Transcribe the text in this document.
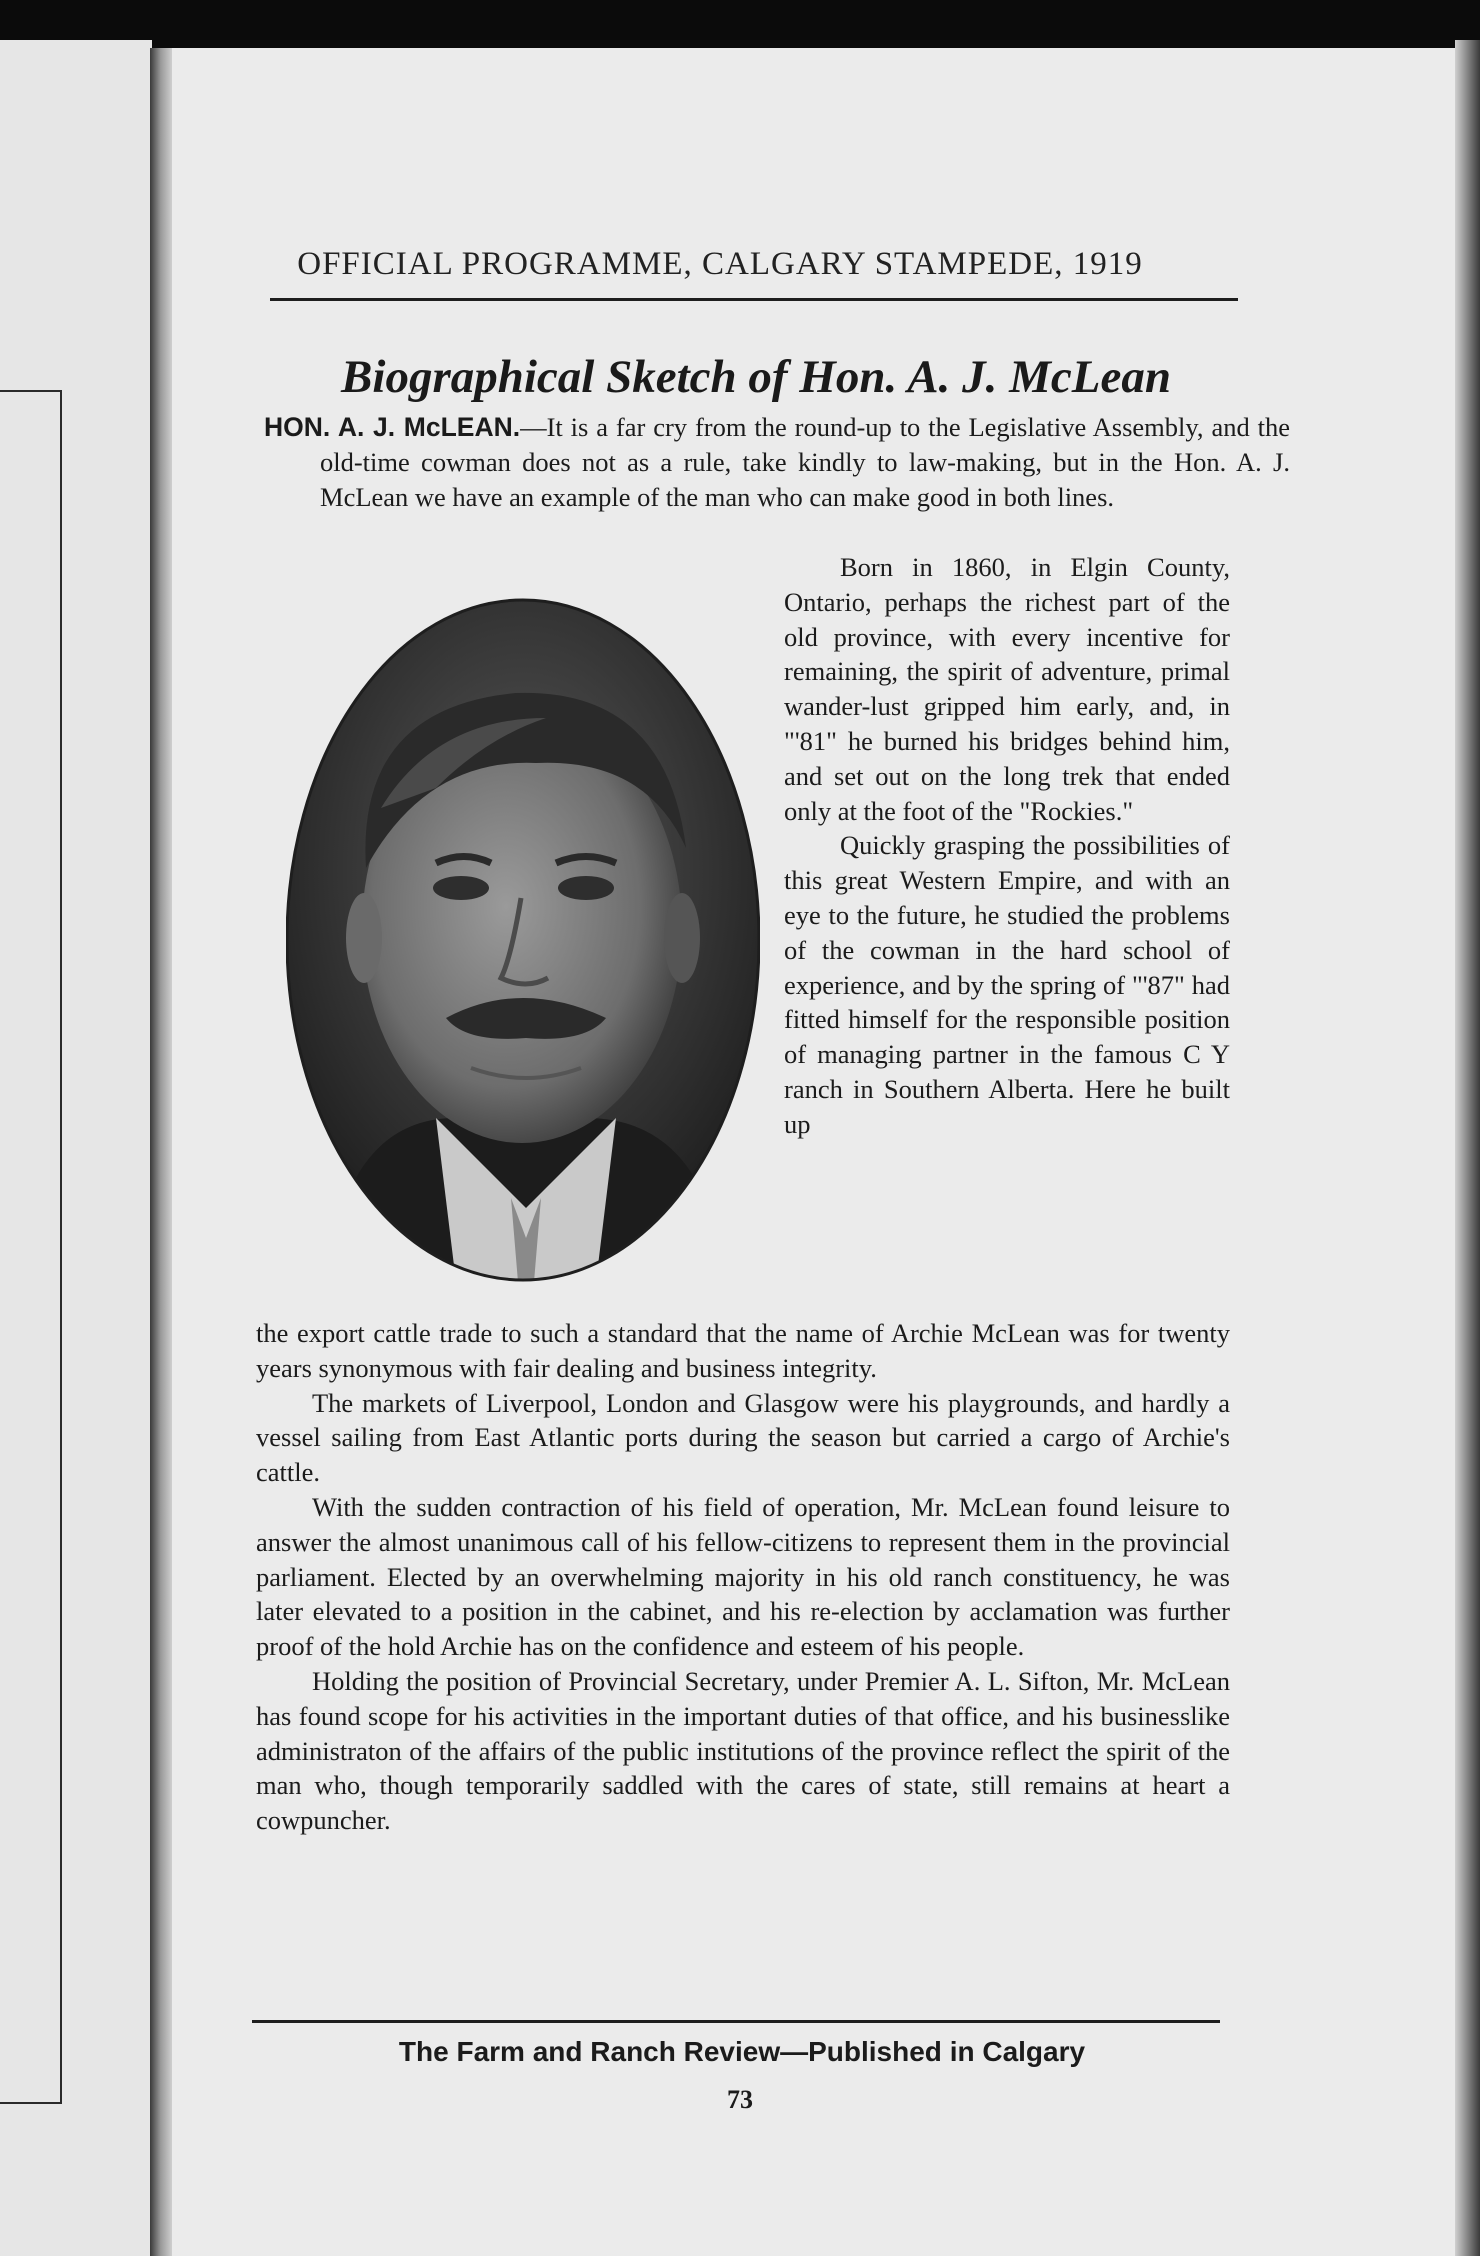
OFFICIAL PROGRAMME, CALGARY STAMPEDE, 1919
Biographical Sketch of Hon. A. J. McLean
HON. A. J. McLEAN.—It is a far cry from the round-up to the Legislative Assembly, and the old-time cowman does not as a rule, take kindly to law-making, but in the Hon. A. J. McLean we have an example of the man who can make good in both lines.
Born in 1860, in Elgin County, Ontario, perhaps the richest part of the old province, with every incentive for remaining, the spirit of adventure, primal wander-lust gripped him early, and, in "'81" he burned his bridges behind him, and set out on the long trek that ended only at the foot of the "Rockies."
Quickly grasping the possibilities of this great Western Empire, and with an eye to the future, he studied the problems of the cowman in the hard school of experience, and by the spring of "'87" had fitted himself for the responsible position of managing partner in the famous C Y ranch in Southern Alberta. Here he built up
the export cattle trade to such a standard that the name of Archie McLean was for twenty years synonymous with fair dealing and business integrity.
The markets of Liverpool, London and Glasgow were his playgrounds, and hardly a vessel sailing from East Atlantic ports during the season but carried a cargo of Archie's cattle.
With the sudden contraction of his field of operation, Mr. McLean found leisure to answer the almost unanimous call of his fellow-citizens to represent them in the provincial parliament. Elected by an overwhelming majority in his old ranch constituency, he was later elevated to a position in the cabinet, and his re-election by acclamation was further proof of the hold Archie has on the confidence and esteem of his people.
Holding the position of Provincial Secretary, under Premier A. L. Sifton, Mr. McLean has found scope for his activities in the important duties of that office, and his businesslike administraton of the affairs of the public institutions of the province reflect the spirit of the man who, though temporarily saddled with the cares of state, still remains at heart a cowpuncher.
The Farm and Ranch Review—Published in Calgary
73
